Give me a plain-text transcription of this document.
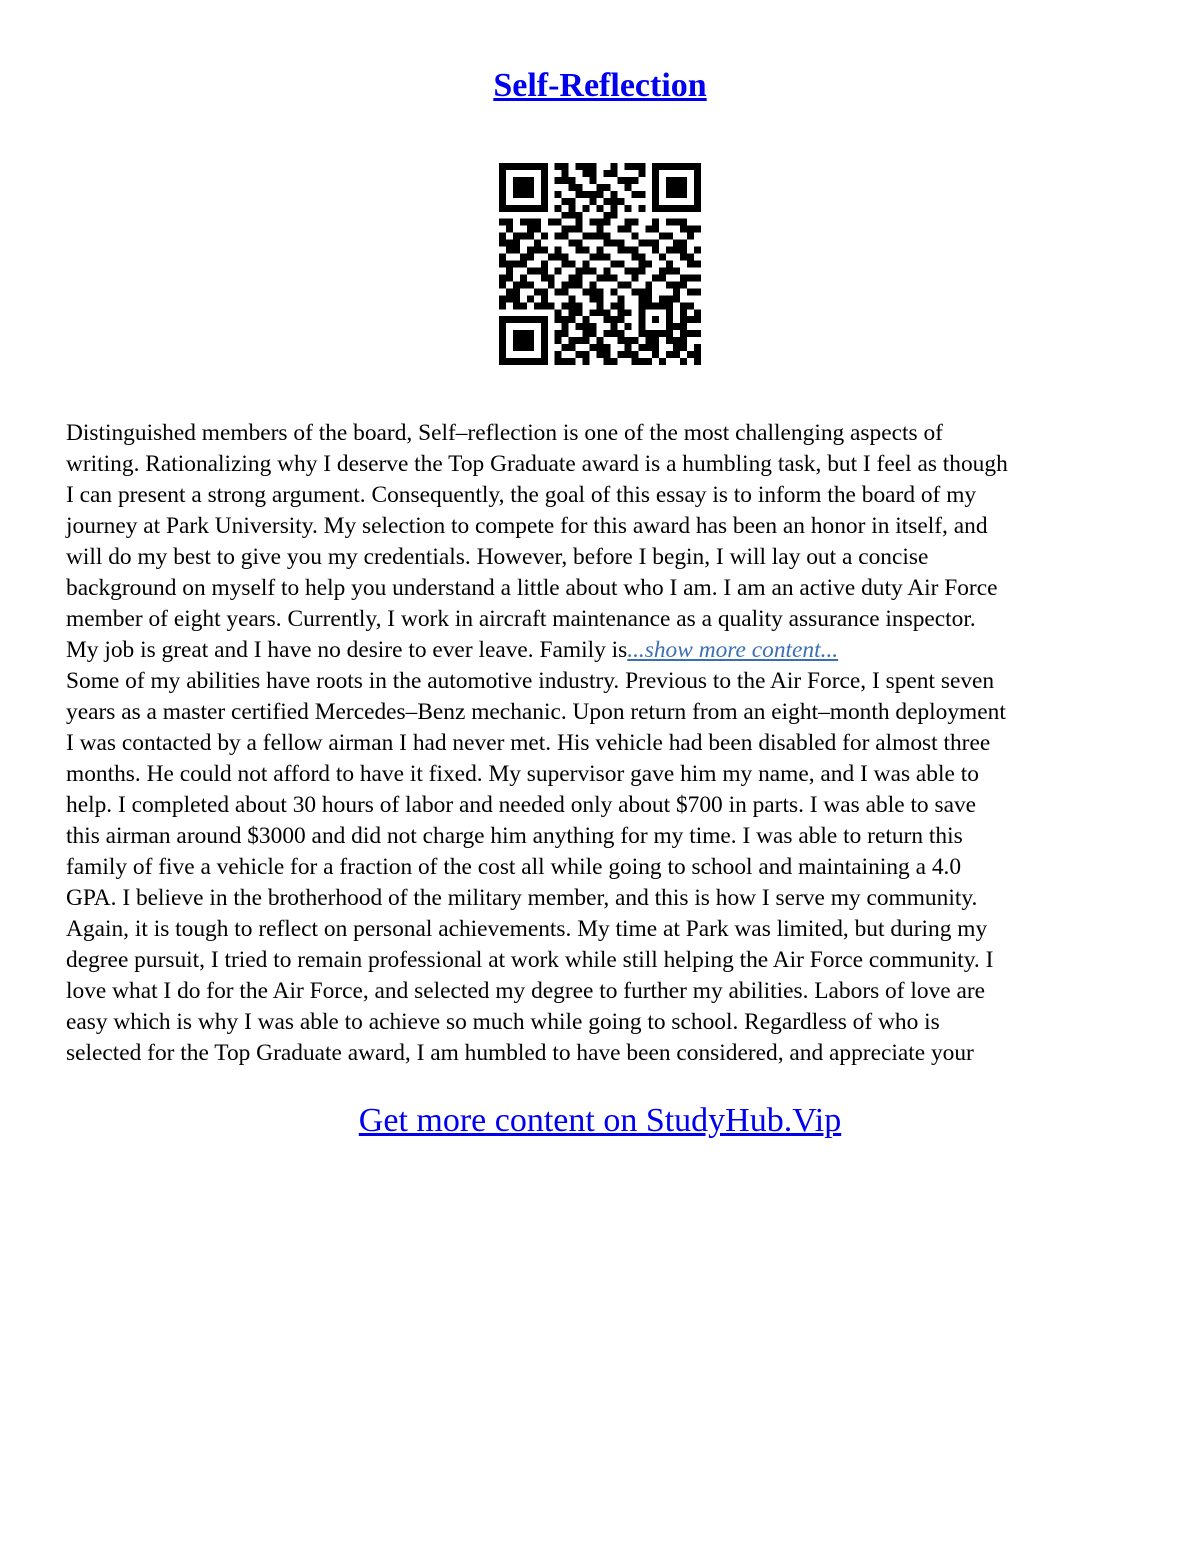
Self-Reflection
Distinguished members of the board, Self–reflection is one of the most challenging aspects of
writing. Rationalizing why I deserve the Top Graduate award is a humbling task, but I feel as though
I can present a strong argument. Consequently, the goal of this essay is to inform the board of my
journey at Park University. My selection to compete for this award has been an honor in itself, and
will do my best to give you my credentials. However, before I begin, I will lay out a concise
background on myself to help you understand a little about who I am. I am an active duty Air Force
member of eight years. Currently, I work in aircraft maintenance as a quality assurance inspector.
My job is great and I have no desire to ever leave. Family is...show more content...
Some of my abilities have roots in the automotive industry. Previous to the Air Force, I spent seven
years as a master certified Mercedes–Benz mechanic. Upon return from an eight–month deployment
I was contacted by a fellow airman I had never met. His vehicle had been disabled for almost three
months. He could not afford to have it fixed. My supervisor gave him my name, and I was able to
help. I completed about 30 hours of labor and needed only about $700 in parts. I was able to save
this airman around $3000 and did not charge him anything for my time. I was able to return this
family of five a vehicle for a fraction of the cost all while going to school and maintaining a 4.0
GPA. I believe in the brotherhood of the military member, and this is how I serve my community.
Again, it is tough to reflect on personal achievements. My time at Park was limited, but during my
degree pursuit, I tried to remain professional at work while still helping the Air Force community. I
love what I do for the Air Force, and selected my degree to further my abilities. Labors of love are
easy which is why I was able to achieve so much while going to school. Regardless of who is
selected for the Top Graduate award, I am humbled to have been considered, and appreciate your
Get more content on StudyHub.Vip
